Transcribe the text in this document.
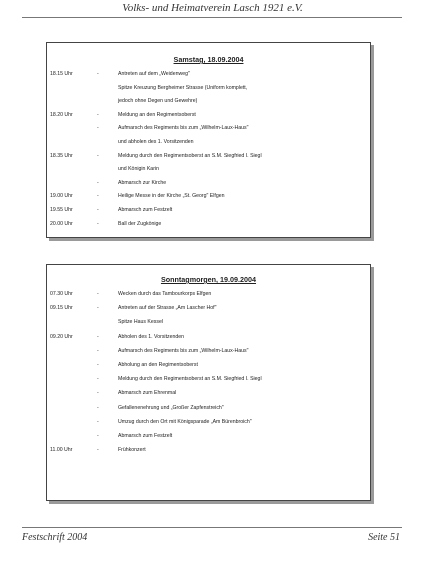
Volks- und Heimatverein Lasch 1921 e.V.
Samstag, 18.09.2004
18.15 Uhr	-	Antreten auf dem „Weidenweg"
Spitze Kreuzung Bergheimer Strasse (Uniform komplett,
jedoch ohne Degen und Gewehre)
18.20 Uhr	-	Meldung an den Regimentsoberst
-	Aufmarsch des Regiments bis zum „Wilhelm-Laux-Haus"
und abholen des 1. Vorsitzenden
18.35 Uhr	-	Meldung durch den Regimentsoberst an S.M. Siegfried I. Siegl
und Königin Karin
-	Abmarsch zur Kirche
19.00 Uhr	-	Heilige Messe in der Kirche „St. Georg" Elfgen
19.55 Uhr	-	Abmarsch zum Festzelt
20.00 Uhr	-	Ball der Zugkönige
Sonntagmorgen, 19.09.2004
07.30 Uhr	-	Wecken durch das Tambourkorps Elfgen
09.15 Uhr	-	Antreten auf der Strasse „Am Lascher Hof"
Spitze Haus Kessel
09.20 Uhr	-	Abholen des 1. Vorsitzenden
-	Aufmarsch des Regiments bis zum „Wilhelm-Laux-Haus"
-	Abholung an den Regimentsoberst
-	Meldung durch den Regimentsoberst an S.M. Siegfried I. Siegl
-	Abmarsch zum Ehrenmal
-	Gefallenenehrung und „Großer Zapfenstreich"
-	Umzug durch den Ort mit Königsparade „Am Bürenbroich"
-	Abmarsch zum Festzelt
11.00 Uhr	-	Frühkonzert
Festschrift 2004	Seite 51
